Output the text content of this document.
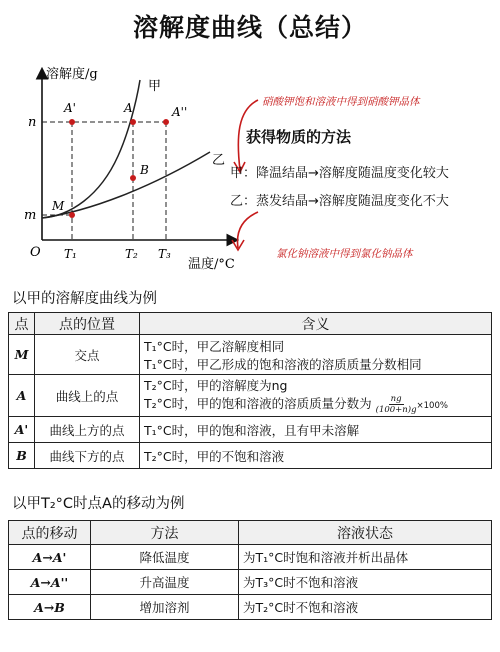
溶解度曲线（总结）
溶解度/g
温度/°C
O
n
m
T₁	T₂ T₃
甲
乙
A'	A	A''
B
M
硝酸钾饱和溶液中得到硝酸钾晶体
获得物质的方法
甲：降温结晶→溶解度随温度变化较大
乙：蒸发结晶→溶解度随温度变化不大
氯化钠溶液中得到氯化钠晶体
以甲的溶解度曲线为例
点	点的位置	含义
M	交点	T₁°C时，甲乙溶解度相同
T₁°C时，甲乙形成的饱和溶液的溶质质量分数相同

A	曲线上的点	T₂°C时，甲的溶解度为ng
T₂°C时，甲的饱和溶液的溶质质量分数为 $\frac{ng}{(100+n)g} \times 100\%$

A'	曲线上方的点	T₁°C时，甲的饱和溶液，且有甲未溶解
B	曲线下方的点	T₂°C时，甲的不饱和溶液
以甲T₂°C时点A的移动为例
点的移动	方法	溶液状态
A→A'	降低温度	为T₁°C时饱和溶液并析出晶体
A→A''	升高温度	为T₃°C时不饱和溶液
A→B	增加溶剂	为T₂°C时不饱和溶液
